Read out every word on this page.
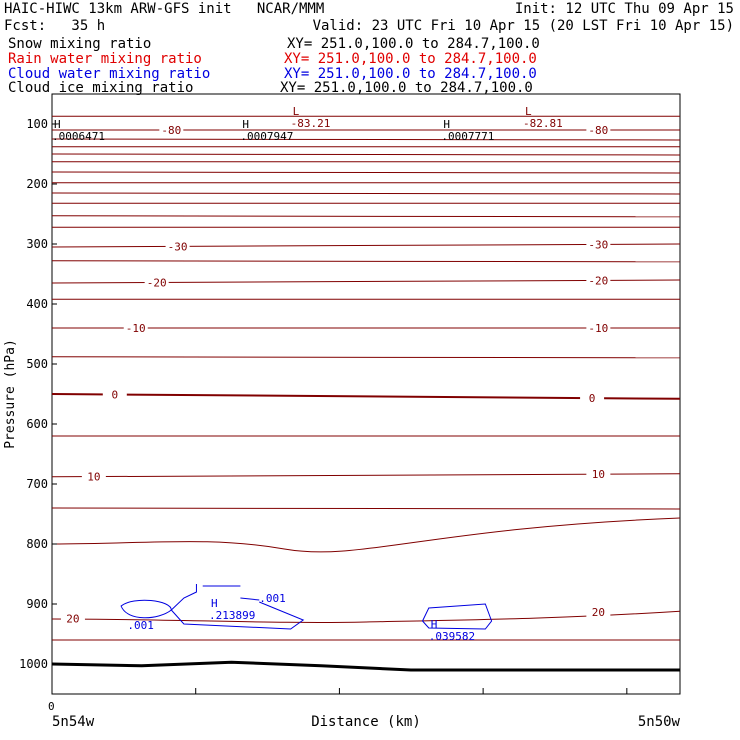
HAIC-HIWC 13km ARW-GFS init   NCAR/MMM	Init: 12 UTC Thu 09 Apr 15
Fcst:   35 h	Valid: 23 UTC Fri 10 Apr 15 (20 LST Fri 10 Apr 15)
Snow mixing ratio	XY= 251.0,100.0 to 284.7,100.0
Rain water mixing ratio	XY= 251.0,100.0 to 284.7,100.0
Cloud water mixing ratio	XY= 251.0,100.0 to 284.7,100.0
Cloud ice mixing ratio	XY= 251.0,100.0 to 284.7,100.0
-80	-80
-30	-30
-20	-20
-10	-10
0	0
10	10
20
20
.001
.001
H
.0006471
H
.0007947
H
.0007771
L
-83.21
L
-82.81
H
.213899
H
.039582
100
200
300
400
500
600
700
800
900
1000
Pressure (hPa)
Distance (km)
5n54w	5n50w
0
